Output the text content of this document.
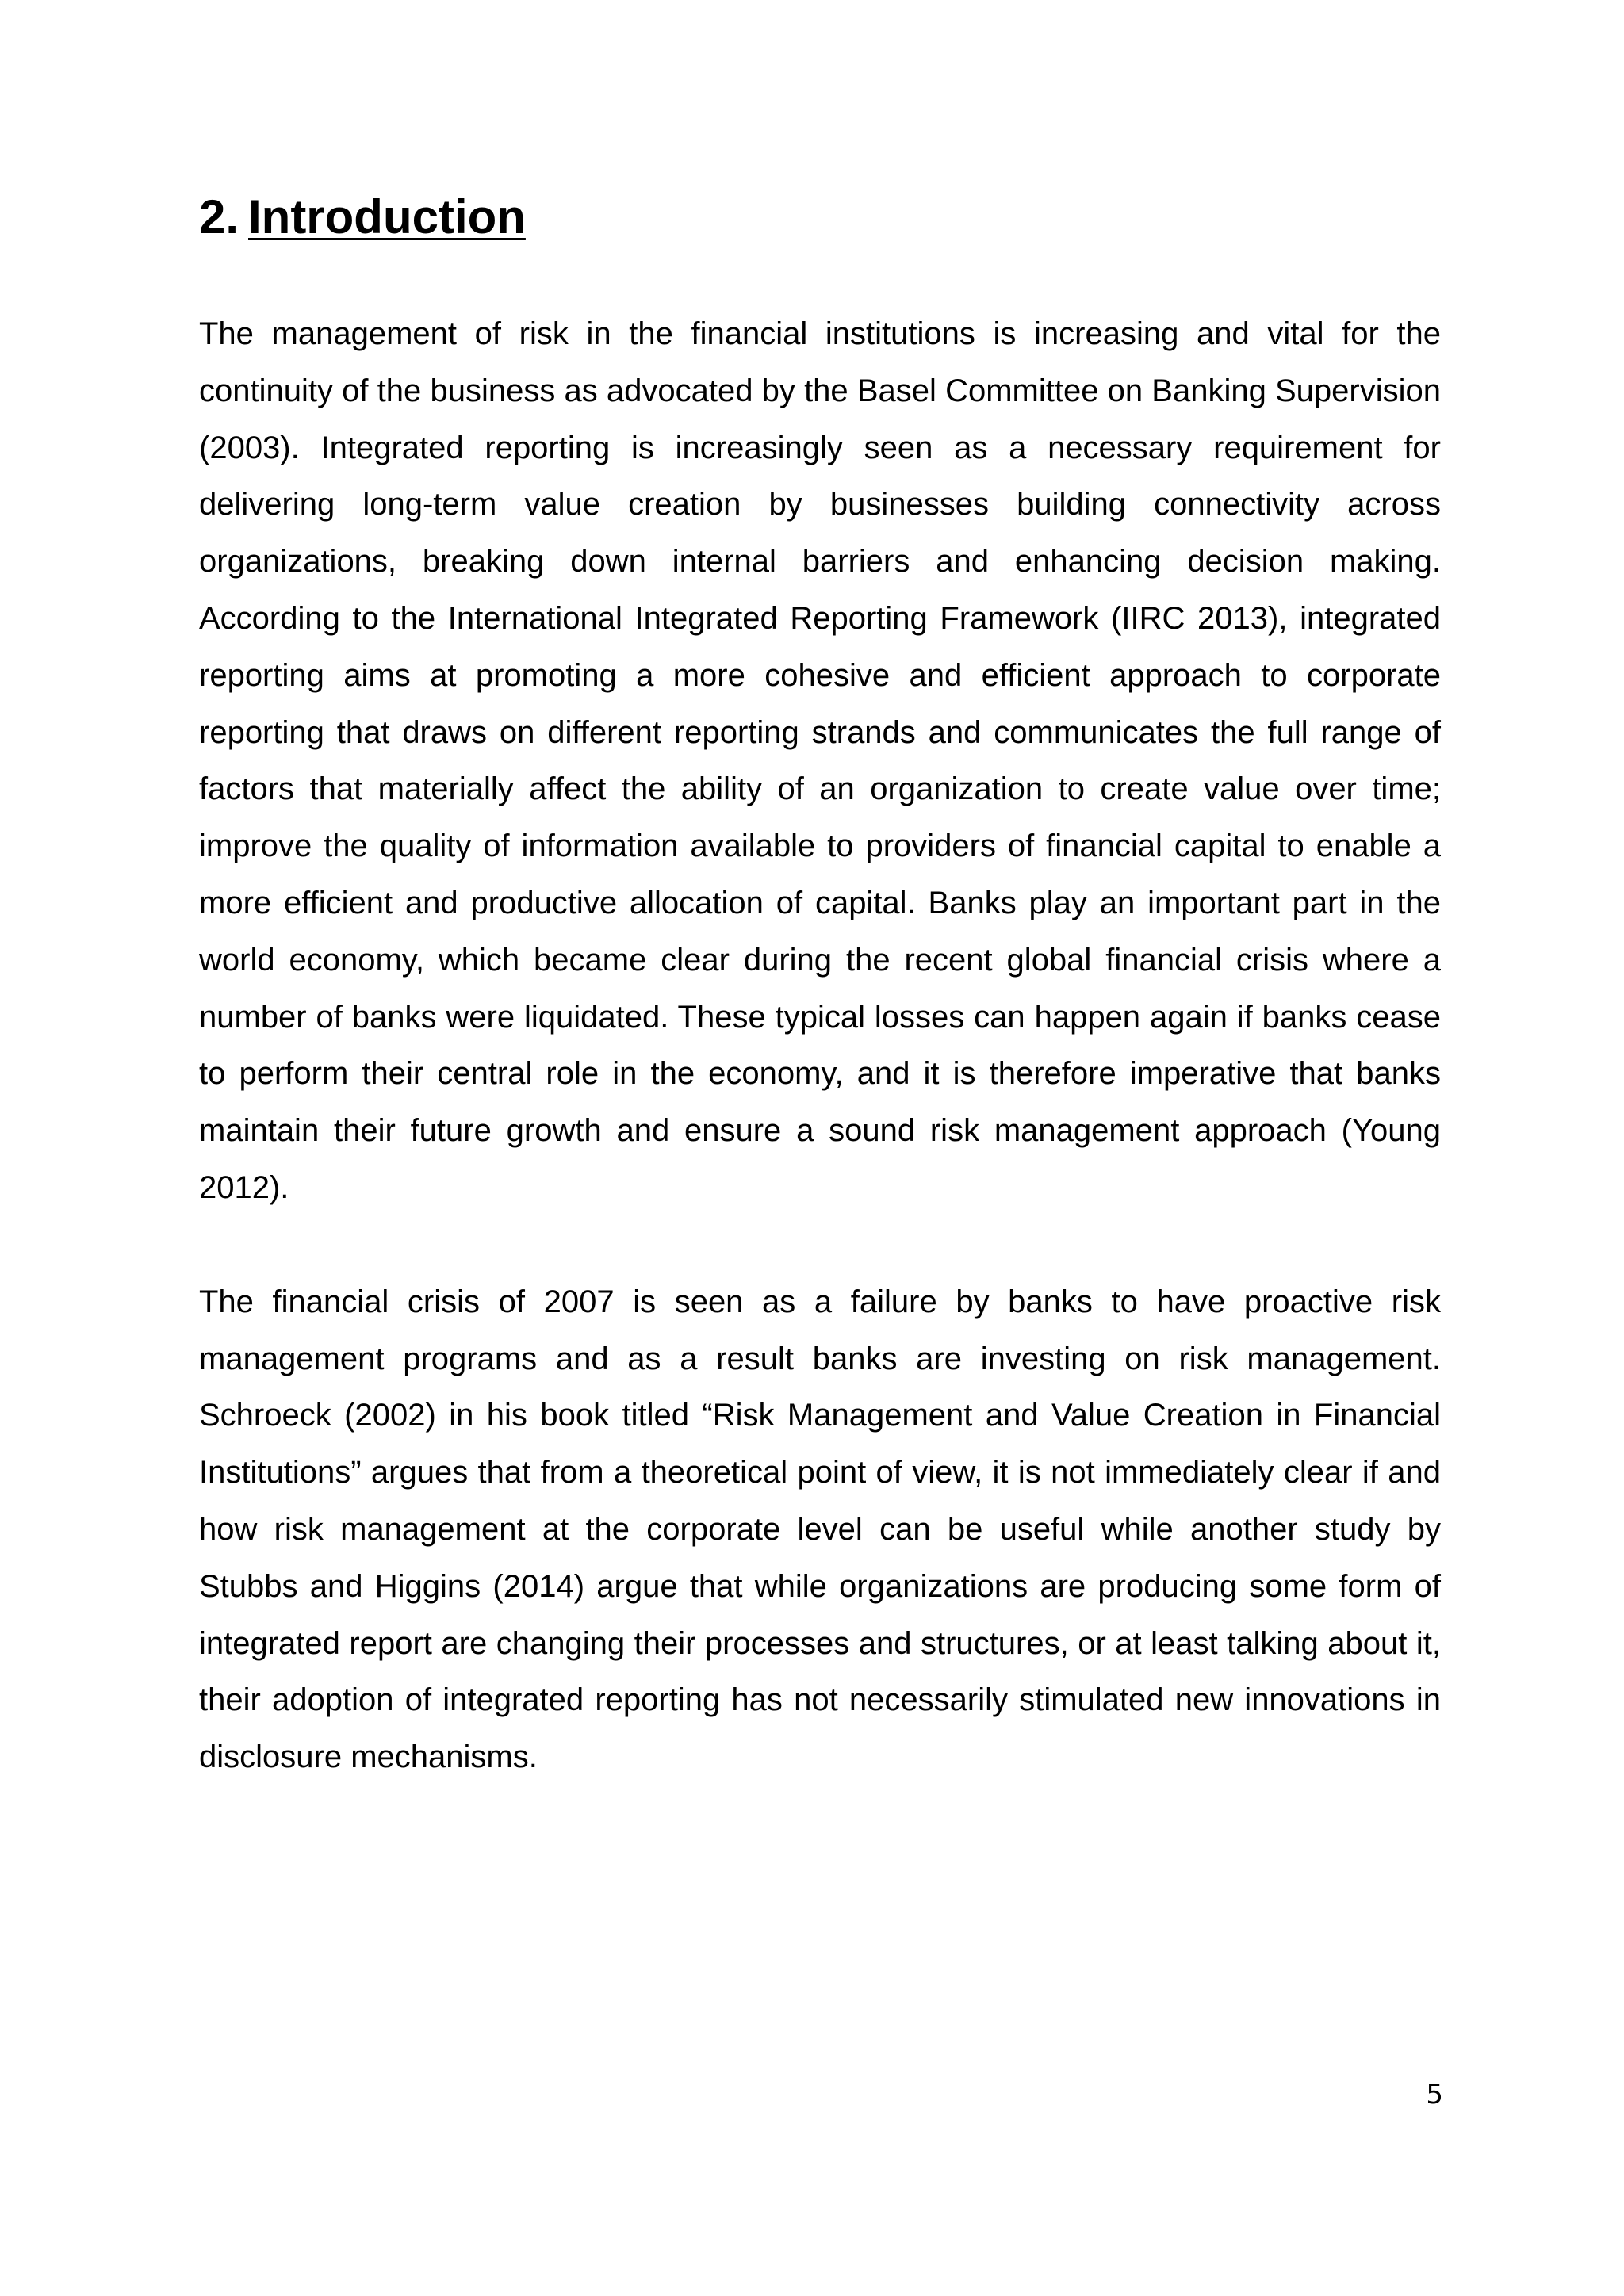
2. Introduction

The management of risk in the financial institutions is increasing and vital for the continuity of the business as advocated by the Basel Committee on Banking Supervision (2003). Integrated reporting is increasingly seen as a necessary requirement for delivering long-term value creation by businesses building connectivity across organizations, breaking down internal barriers and enhancing decision making. According to the International Integrated Reporting Framework (IIRC 2013), integrated reporting aims at promoting a more cohesive and efficient approach to corporate reporting that draws on different reporting strands and communicates the full range of factors that materially affect the ability of an organization to create value over time; improve the quality of information available to providers of financial capital to enable a more efficient and productive allocation of capital. Banks play an important part in the world economy, which became clear during the recent global financial crisis where a number of banks were liquidated. These typical losses can happen again if banks cease to perform their central role in the economy, and it is therefore imperative that banks maintain their future growth and ensure a sound risk management approach (Young 2012).

The financial crisis of 2007 is seen as a failure by banks to have proactive risk management programs and as a result banks are investing on risk management. Schroeck (2002) in his book titled “Risk Management and Value Creation in Financial Institutions” argues that from a theoretical point of view, it is not immediately clear if and how risk management at the corporate level can be useful while another study by Stubbs and Higgins (2014) argue that while organizations are producing some form of integrated report are changing their processes and structures, or at least talking about it, their adoption of integrated reporting has not necessarily stimulated new innovations in disclosure mechanisms.

5
